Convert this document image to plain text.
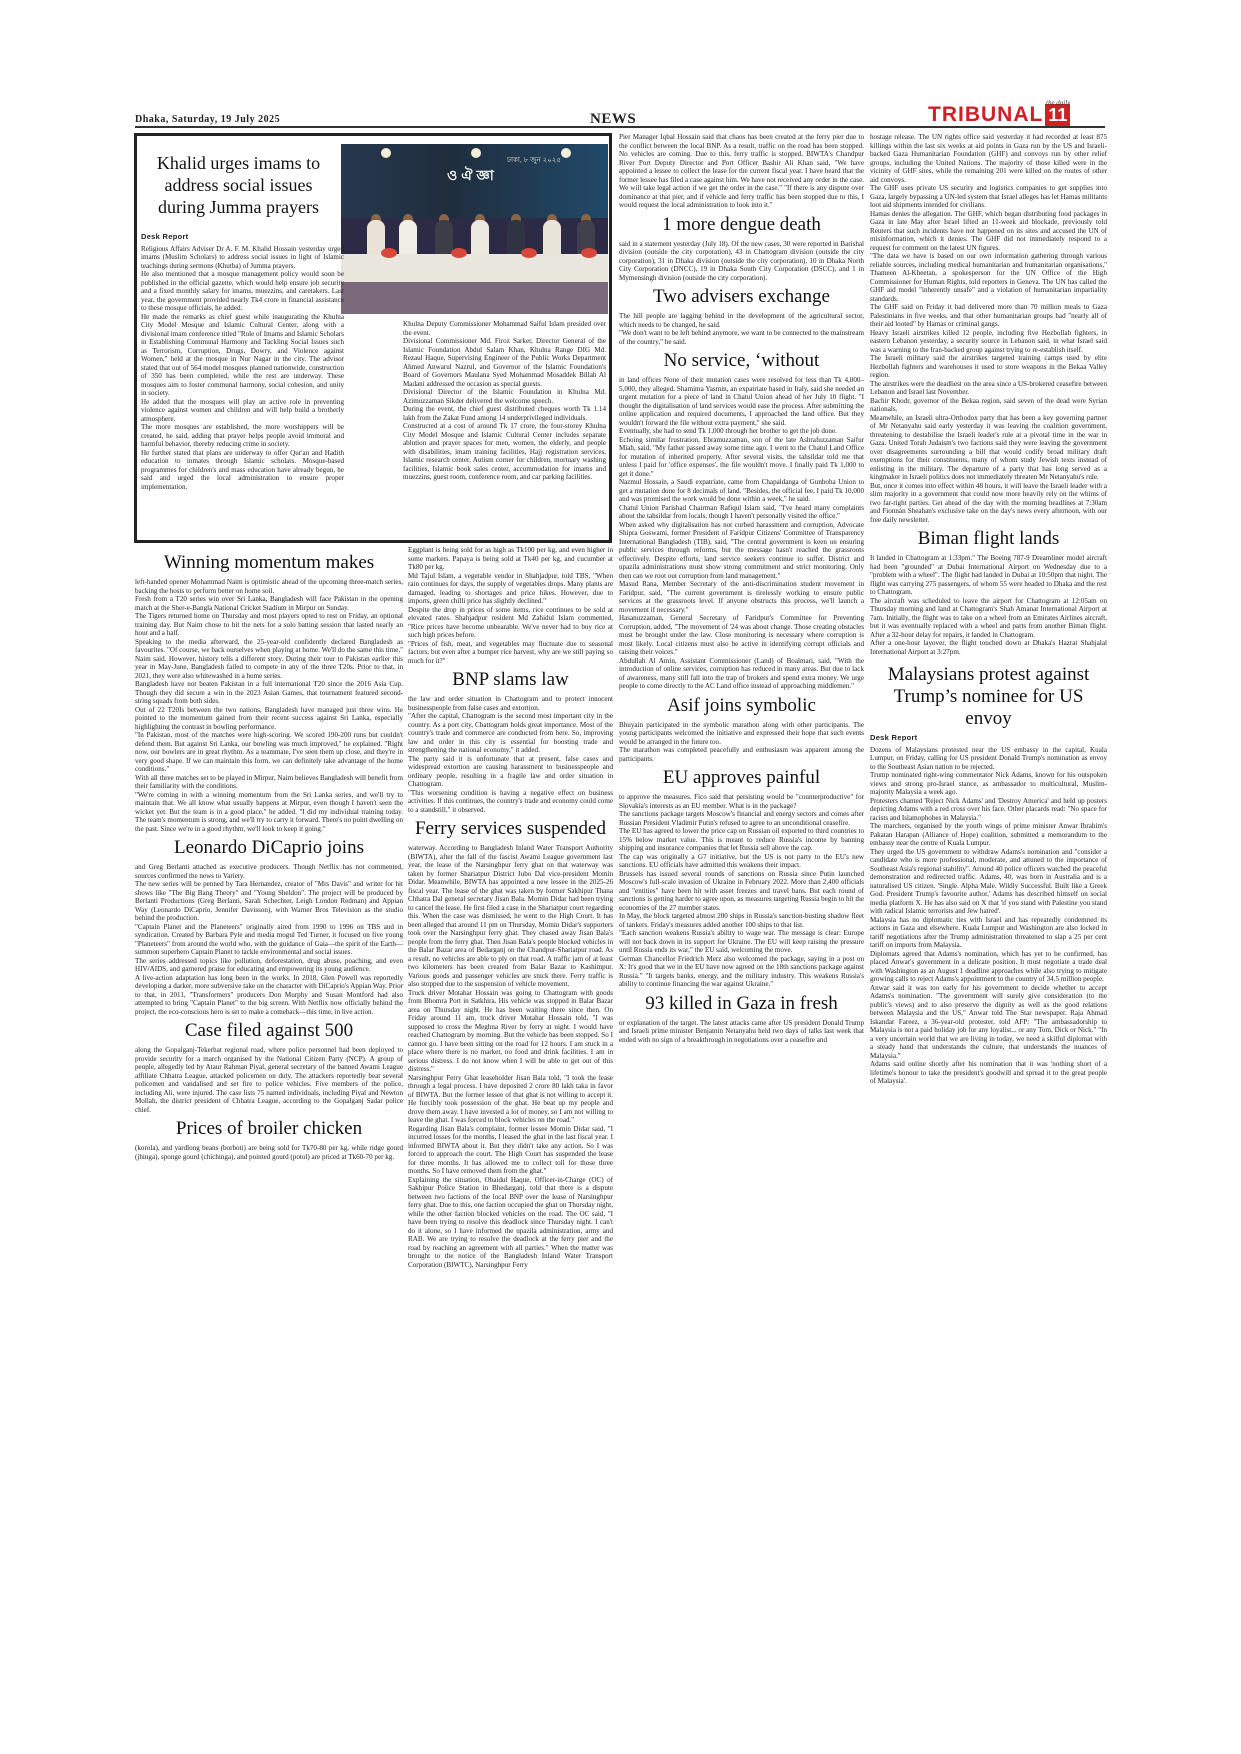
Dhaka, Saturday, 19 July 2025	NEWS
the daily
TRIBUNAL 11
ও ঐ জ্ঞা
ঢাকা, ৮ জুন ২০২৫
Khalid urges imams to address social issues during Jumma prayers
Desk Report

Religious Affairs Adviser Dr A. F. M. Khalid Hossain yesterday urged imams (Muslim Scholars) to address social issues in light of Islamic teachings during sermons (Khutba) of Jumma prayers.

He also mentioned that a mosque management policy would soon be published in the official gazette, which would help ensure job security and a fixed monthly salary for imams, muezzins, and caretakers. Last year, the government provided nearly Tk4 crore in financial assistance to these mosque officials, he added.

He made the remarks as chief guest while inaugurating the Khulna City Model Mosque and Islamic Cultural Center, along with a divisional imam conference titled "Role of Imams and Islamic Scholars in Establishing Communal Harmony and Tackling Social Issues such as Terrorism, Corruption, Drugs, Dowry, and Violence against Women," held at the mosque in Nur Nagar in the city. The advisor stated that out of 564 model mosques planned nationwide, construction of 350 has been completed, while the rest are underway. These mosques aim to foster communal harmony, social cohesion, and unity in society.

He added that the mosques will play an active role in preventing violence against women and children and will help build a brotherly atmosphere.

The more mosques are established, the more worshippers will be created, he said, adding that prayer helps people avoid immoral and harmful behavior, thereby reducing crime in society.

He further stated that plans are underway to offer Qur'an and Hadith education to inmates through Islamic scholars. Mosque-based programmes for children's and mass education have already begun, he said and urged the local administration to ensure proper implementation.

Khulna Deputy Commissioner Mohammad Saiful Islam presided over the event.

Divisional Commissioner Md. Firoz Sarker, Director General of the Islamic Foundation Abdul Salam Khan, Khulna Range DIG Md. Rezaul Haque, Supervising Engineer of the Public Works Department Ahmed Anwarul Nazrul, and Governor of the Islamic Foundation's Board of Governors Maulana Syed Mohammad Mosaddek Billah Al Madani addressed the occasion as special guests.

Divisional Director of the Islamic Foundation in Khulna Md. Azimuzzaman Sikder delivered the welcome speech.

During the event, the chief guest distributed cheques worth Tk 1.14 lakh from the Zakat Fund among 14 underprivileged individuals.

Constructed at a cost of around Tk 17 crore, the four-storey Khulna City Model Mosque and Islamic Cultural Center includes separate ablution and prayer spaces for men, women, the elderly, and people with disabilities, imam training facilities, Hajj registration services, Islamic research center, Autism corner for children, mortuary washing facilities, Islamic book sales center, accommodation for imams and muezzins, guest room, conference room, and car parking facilities.

Winning momentum makes

left-handed opener Mohammad Naim is optimistic ahead of the upcoming three-match series, backing the hosts to perform better on home soil.

Fresh from a T20 series win over Sri Lanka, Bangladesh will face Pakistan in the opening match at the Sher-e-Bangla National Cricket Stadium in Mirpur on Sunday.

The Tigers returned home on Thursday and most players opted to rest on Friday, an optional training day. But Naim chose to hit the nets for a solo batting session that lasted nearly an hour and a half.

Speaking to the media afterward, the 25-year-old confidently declared Bangladesh as favourites. "Of course, we back ourselves when playing at home. We'll do the same this time," Naim said. However, history tells a different story. During their tour to Pakistan earlier this year in May-June, Bangladesh failed to compete in any of the three T20s. Prior to that, in 2021, they were also whitewashed in a home series.

Bangladesh have not beaten Pakistan in a full international T20 since the 2016 Asia Cup. Though they did secure a win in the 2023 Asian Games, that tournament featured second-string squads from both sides.

Out of 22 T20Is between the two nations, Bangladesh have managed just three wins. He pointed to the momentum gained from their recent success against Sri Lanka, especially highlighting the contrast in bowling performance.

"In Pakistan, most of the matches were high-scoring. We scored 190-200 runs but couldn't defend them. But against Sri Lanka, our bowling was much improved," he explained. "Right now, our bowlers are in great rhythm. As a teammate, I've seen them up close, and they're in very good shape. If we can maintain this form, we can definitely take advantage of the home conditions."

With all three matches set to be played in Mirpur, Naim believes Bangladesh will benefit from their familiarity with the conditions.

"We're coming in with a winning momentum from the Sri Lanka series, and we'll try to maintain that. We all know what usually happens at Mirpur, even though I haven't seen the wicket yet. But the team is in a good place," he added. "I did my individual training today. The team's momentum is strong, and we'll try to carry it forward. There's no point dwelling on the past. Since we're in a good rhythm, we'll look to keep it going."

Leonardo DiCaprio joins

and Greg Berlanti attached as executive producers. Though Netflix has not commented, sources confirmed the news to Variety.

The new series will be penned by Tara Hernandez, creator of "Mrs Davis" and writer for hit shows like "The Big Bang Theory" and "Young Sheldon". The project will be produced by Berlanti Productions (Greg Berlanti, Sarah Schechter, Leigh London Redman) and Appian Way (Leonardo DiCaprio, Jennifer Davisson), with Warner Bros Television as the studio behind the production.

"Captain Planet and the Planeteers" originally aired from 1990 to 1996 on TBS and in syndication. Created by Barbara Pyle and media mogul Ted Turner, it focused on five young "Planeteers" from around the world who, with the guidance of Gaia—the spirit of the Earth—summon superhero Captain Planet to tackle environmental and social issues.

The series addressed topics like pollution, deforestation, drug abuse, poaching, and even HIV/AIDS, and garnered praise for educating and empowering its young audience.

A live-action adaptation has long been in the works. In 2018, Glen Powell was reportedly developing a darker, more subversive take on the character with DiCaprio's Appian Way. Prior to that, in 2011, "Transformers" producers Don Murphy and Susan Montford had also attempted to bring "Captain Planet" to the big screen. With Netflix now officially behind the project, the eco-conscious hero is set to make a comeback—this time, in live action.

Case filed against 500

along the Gopalganj-Tekerhat regional road, where police personnel had been deployed to provide security for a march organised by the National Citizen Party (NCP). A group of people, allegedly led by Ataur Rahman Piyal, general secretary of the banned Awami League affiliate Chhatra League, attacked policemen on duty. The attackers reportedly beat several policemen and vandalised and set fire to police vehicles. Five members of the police, including Ali, were injured. The case lists 75 named individuals, including Piyal and Newton Mollah, the district president of Chhatra League, according to the Gopalganj Sadar police chief.

Prices of broiler chicken

(korola), and yardlong beans (borboti) are being sold for Tk70-80 per kg, while ridge gourd (jhinga), sponge gourd (chichinga), and pointed gourd (potol) are priced at Tk60-70 per kg.

Eggplant is being sold for as high as Tk100 per kg, and even higher in some markets. Papaya is being sold at Tk40 per kg, and cucumber at Tk80 per kg.

Md Tajul Islam, a vegetable vendor in Shahjadpur, told TBS, "When rain continues for days, the supply of vegetables drops. Many plants are damaged, leading to shortages and price hikes. However, due to imports, green chilli price has slightly declined."

Despite the drop in prices of some items, rice continues to be sold at elevated rates. Shahjadpur resident Md Zahidul Islam commented, "Rice prices have become unbearable. We've never had to buy rice at such high prices before.

"Prices of fish, meat, and vegetables may fluctuate due to seasonal factors, but even after a bumper rice harvest, why are we still paying so much for it?"

BNP slams law

the law and order situation in Chattogram and to protect innocent businesspeople from false cases and extortion.

"After the capital, Chattogram is the second most important city in the country. As a port city, Chattogram holds great importance. Most of the country's trade and commerce are conducted from here. So, improving law and order in this city is essential for boosting trade and strengthening the national economy," it added.

The party said it is unfortunate that at present, false cases and widespread extortion are causing harassment to businesspeople and ordinary people, resulting in a fragile law and order situation in Chattogram.

"This worsening condition is having a negative effect on business activities. If this continues, the country's trade and economy could come to a standstill," it observed.

Ferry services suspended

waterway. According to Bangladesh Inland Water Transport Authority (BIWTA), after the fall of the fascist Awami League government last year, the lease of the Narsinghpur ferry ghat on that waterway was taken by former Shariatpur District Jubo Dal vice-president Momin Didar. Meanwhile, BIWTA has appointed a new lessee in the 2025-26 fiscal year. The lease of the ghat was taken by former Sakhipur Thana Chhatra Dal general secretary Jisan Bala. Momin Didar had been trying to cancel the lease. He first filed a case in the Shariatpur court regarding this. When the case was dismissed, he went to the High Court. It has been alleged that around 11 pm on Thursday, Momin Didar's supporters took over the Narsinghpur ferry ghat. They chased away Jisan Bala's people from the ferry ghat. Then Jisan Bala's people blocked vehicles in the Balar Bazar area of Bedarganj on the Chandpur-Shariatpur road. As a result, no vehicles are able to ply on that road. A traffic jam of at least two kilometers has been created from Balar Bazar to Kashimpur. Various goods and passenger vehicles are stuck there. Ferry traffic is also stopped due to the suspension of vehicle movement.

Truck driver Motahar Hossain was going to Chattogram with goods from Bhomra Port in Satkhira. His vehicle was stopped in Balar Bazar area on Thursday night. He has been waiting there since then. On Friday around 11 am, truck driver Motahar Hossain told, "I was supposed to cross the Meghna River by ferry at night. I would have reached Chattogram by morning. But the vehicle has been stopped. So I cannot go. I have been sitting on the road for 12 hours. I am stuck in a place where there is no market, no food and drink facilities. I am in serious distress. I do not know when I will be able to get out of this distress."

Narsinghpur Ferry Ghat leaseholder Jisan Bala told, "I took the lease through a legal process. I have deposited 2 crore 80 lakh taka in favor of BIWTA. But the former lessee of that ghat is not willing to accept it. He forcibly took possession of the ghat. He beat up my people and drove them away. I have invested a lot of money, so I am not willing to leave the ghat. I was forced to block vehicles on the road."

Regarding Jisan Bala's complaint, former lessee Momin Didar said, "I incurred losses for the months, I leased the ghat in the last fiscal year. I informed BIWTA about it. But they didn't take any action. So I was forced to approach the court. The High Court has suspended the lease for three months. It has allowed me to collect toll for those three months. So I have removed them from the ghat."

Explaining the situation, Obaidul Haque, Officer-in-Charge (OC) of Sakhipur Police Station in Bhedarganj, told that there is a dispute between two factions of the local BNP over the lease of Narsinghpur ferry ghat. Due to this, one faction occupied the ghat on Thursday night, while the other faction blocked vehicles on the road. The OC said, "I have been trying to resolve this deadlock since Thursday night. I can't do it alone, so I have informed the upazila administration, army and RAB. We are trying to resolve the deadlock at the ferry pier and the road by reaching an agreement with all parties." When the matter was brought to the notice of the Bangladesh Inland Water Transport Corporation (BIWTC), Narsinghpur Ferry

Pier Manager Iqbal Hossain said that chaos has been created at the ferry pier due to the conflict between the local BNP. As a result, traffic on the road has been stopped. No vehicles are coming. Due to this, ferry traffic is stopped. BIWTA's Chandpur River Port Deputy Director and Port Officer Bashir Ali Khan said, "We have appointed a lessee to collect the lease for the current fiscal year. I have heard that the former lessee has filed a case against him. We have not received any order in the case. We will take legal action if we get the order in the case." "If there is any dispute over dominance at that pier, and if vehicle and ferry traffic has been stopped due to this, I would request the local administration to look into it."

1 more dengue death

said in a statement yesterday (July 18). Of the new cases, 30 were reported in Barishal division (outside the city corporation), 43 in Chattogram division (outside the city corporation), 31 in Dhaka division (outside the city corporation), 10 in Dhaka North City Corporation (DNCC), 19 in Dhaka South City Corporation (DSCC), and 1 in Mymensingh division (outside the city corporation).

Two advisers exchange

The hill people are lagging behind in the development of the agricultural sector, which needs to be changed, he said.

"We don't want to be left behind anymore, we want to be connected to the mainstream of the country," he said.

No service, ‘without

in land offices None of their mutation cases were resolved for less than Tk 4,000–5,000, they alleged. Shamima Yasmin, an expatriate based in Italy, said she needed an urgent mutation for a piece of land in Chatul Union ahead of her July 10 flight. "I thought the digitalisation of land services would ease the process. After submitting the online application and required documents, I approached the land office. But they wouldn't forward the file without extra payment," she said.

Eventually, she had to send Tk 1,000 through her brother to get the job done.

Echoing similar frustration, Ebramuzzaman, son of the late Ashrafuzzaman Saifur Miah, said, "My father passed away some time ago. I went to the Chatul Land Office for mutation of inherited property. After several visits, the tahsildar told me that unless I paid for 'office expenses', the file wouldn't move. I finally paid Tk 1,000 to get it done."

Nazmul Hossain, a Saudi expatriate, came from Chapaldanga of Gunboha Union to get a mutation done for 8 decimals of land. "Besides, the official fee, I paid Tk 10,000 and was promised the work would be done within a week," he said.

Chatul Union Parishad Chairman Rafiqul Islam said, "I've heard many complaints about the tahsildar from locals, though I haven't personally visited the office."

When asked why digitalisation has not curbed harassment and corruption, Advocate Shipra Goswami, former President of Faridpur Citizens' Committee of Transparency International Bangladesh (TIB), said, "The central government is keen on ensuring public services through reforms, but the message hasn't reached the grassroots effectively. Despite efforts, land service seekers continue to suffer. District and upazila administrations must show strong commitment and strict monitoring. Only then can we root out corruption from land management."

Masud Rana, Member Secretary of the anti-discrimination student movement in Faridpur, said, "The current government is tirelessly working to ensure public services at the grassroots level. If anyone obstructs this process, we'll launch a movement if necessary."

Hasanuzzaman, General Secretary of Faridpur's Committee for Preventing Corruption, added, "The movement of '24 was about change. Those creating obstacles must be brought under the law. Close monitoring is necessary where corruption is most likely. Local citizens must also be active in identifying corrupt officials and raising their voices."

Abdullah Al Amin, Assistant Commissioner (Land) of Boalmari, said, "With the introduction of online services, corruption has reduced in many areas. But due to lack of awareness, many still fall into the trap of brokers and spend extra money. We urge people to come directly to the AC Land office instead of approaching middlemen."

Asif joins symbolic

Bhuyain participated in the symbolic marathon along with other participants. The young participants welcomed the initiative and expressed their hope that such events would be arranged in the future too.

The marathon was completed peacefully and enthusiasm was apparent among the participants.

EU approves painful

to approve the measures. Fico said that persisting would be "counterproductive" for Slovakia's interests as an EU member. What is in the package?

The sanctions package targets Moscow's financial and energy sectors and comes after Russian President Vladimir Putin's refused to agree to an unconditional ceasefire.

The EU has agreed to lower the price cap on Russian oil exported to third countries to 15% below market value. This is meant to reduce Russia's income by banning shipping and insurance companies that let Russia sell above the cap.

The cap was originally a G7 initiative, but the US is not party to the EU's new sanctions. EU officials have admitted this weakens their impact.

Brussels has issued several rounds of sanctions on Russia since Putin launched Moscow's full-scale invasion of Ukraine in February 2022. More than 2,400 officials and "entities" have been hit with asset freezes and travel bans. But each round of sanctions is getting harder to agree upon, as measures targeting Russia begin to hit the economies of the 27 member states.

In May, the block targeted almost 200 ships in Russia's sanction-busting shadow fleet of tankers. Friday's measures added another 100 ships to that list.

"Each sanction weakens Russia's ability to wage war. The message is clear: Europe will not back down in its support for Ukraine. The EU will keep raising the pressure until Russia ends its war," the EU said, welcoming the move.

German Chancellor Friedrich Merz also welcomed the package, saying in a post on X: It's good that we in the EU have now agreed on the 18th sanctions package against Russia." "It targets banks, energy, and the military industry. This weakens Russia's ability to continue financing the war against Ukraine."

93 killed in Gaza in fresh

or explanation of the target. The latest attacks came after US president Donald Trump and Israeli prime minister Benjamin Netanyahu held two days of talks last week that ended with no sign of a breakthrough in negotiations over a ceasefire and

hostage release. The UN rights office said yesterday it had recorded at least 875 killings within the last six weeks at aid points in Gaza run by the US and Israeli-backed Gaza Humanitarian Foundation (GHF) and convoys run by other relief groups, including the United Nations. The majority of those killed were in the vicinity of GHF sites, while the remaining 201 were killed on the routes of other aid convoys.

The GHF uses private US security and logistics companies to get supplies into Gaza, largely bypassing a UN-led system that Israel alleges has let Hamas militants loot aid shipments intended for civilians.

Hamas denies the allegation. The GHF, which began distributing food packages in Gaza in late May after Israel lifted an 11-week aid blockade, previously told Reuters that such incidents have not happened on its sites and accused the UN of misinformation, which it denies. The GHF did not immediately respond to a request for comment on the latest UN figures.

"The data we have is based on our own information gathering through various reliable sources, including medical humanitarian and humanitarian organisations," Thameen Al-Kheetan, a spokesperson for the UN Office of the High Commissioner for Human Rights, told reporters in Geneva. The UN has called the GHF aid model "inherently unsafe" and a violation of humanitarian impartiality standards.

The GHF said on Friday it had delivered more than 70 million meals to Gaza Palestinians in five weeks, and that other humanitarian groups had "nearly all of their aid looted" by Hamas or criminal gangs.

Heavy Israeli airstrikes killed 12 people, including five Hezbollah fighters, in eastern Lebanon yesterday, a security source in Lebanon said, in what Israel said was a warning to the Iran-backed group against trying to re-establish itself.

The Israeli military said the airstrikes targeted training camps used by elite Hezbollah fighters and warehouses it used to store weapons in the Bekaa Valley region.

The airstrikes were the deadliest on the area since a US-brokered ceasefire between Lebanon and Israel last November.

Bachir Khodr, governor of the Bekaa region, said seven of the dead were Syrian nationals.

Meanwhile, an Israeli ultra-Orthodox party that has been a key governing partner of Mr Netanyahu said early yesterday it was leaving the coalition government, threatening to destabilise the Israeli leader's rule at a pivotal time in the war in Gaza. United Torah Judaism's two factions said they were leaving the government over disagreements surrounding a bill that would codify broad military draft exemptions for their constituents, many of whom study Jewish texts instead of enlisting in the military. The departure of a party that has long served as a kingmaker in Israeli politics does not immediately threaten Mr Netanyahu's rule.

But, once it comes into effect within 48 hours, it will leave the Israeli leader with a slim majority in a government that could now more heavily rely on the whims of two far-right parties. Get ahead of the day with the morning headlines at 7:30am and Fionnán Sheahan's exclusive take on the day's news every afternoon, with our free daily newsletter.

Biman flight lands

It landed in Chattogram at 1:33pm." The Boeing 787-9 Dreamliner model aircraft had been "grounded" at Dubai International Airport on Wednesday due to a "problem with a wheel". The flight had landed in Dubai at 10:50pm that night. The flight was carrying 275 passengers, of whom 55 were headed to Dhaka and the rest to Chattogram.

The aircraft was scheduled to leave the airport for Chattogram at 12:05am on Thursday morning and land at Chattogram's Shah Amanat International Airport at 7am. Initially, the flight was to take on a wheel from an Emirates Airlines aircraft, but it was eventually replaced with a wheel and parts from another Biman flight. After a 32-hour delay for repairs, it landed in Chattogram.

After a one-hour layover, the flight touched down at Dhaka's Hazrat Shahjalal International Airport at 3:27pm.

Malaysians protest against Trump’s nominee for US envoy
Desk Report

Dozens of Malaysians protested near the US embassy in the capital, Kuala Lumpur, on Friday, calling for US president Donald Trump's nomination as envoy to the Southeast Asian nation to be rejected.

Trump nominated right-wing commentator Nick Adams, known for his outspoken views and strong pro-Israel stance, as ambassador to multicultural, Muslim-majority Malaysia a week ago.

Protesters chanted 'Reject Nick Adams' and 'Destroy America' and held up posters depicting Adams with a red cross over his face. Other placards read: "No space for racists and Islamophobes in Malaysia."

The marchers, organised by the youth wings of prime minister Anwar Ibrahim's Pakatan Harapan (Alliance of Hope) coalition, submitted a memorandum to the embassy near the centre of Kuala Lumpur.

They urged the US government to withdraw Adams's nomination and "consider a candidate who is more professional, moderate, and attuned to the importance of Southeast Asia's regional stability". Around 40 police officers watched the peaceful demonstration and redirected traffic. Adams, 40, was born in Australia and is a naturalised US citizen. 'Single. Alpha Male. Wildly Successful. Built like a Greek God. President Trump's favourite author,' Adams has described himself on social media platform X. He has also said on X that 'if you stand with Palestine you stand with radical Islamic terrorists and Jew hatred'.

Malaysia has no diplomatic ties with Israel and has repeatedly condemned its actions in Gaza and elsewhere. Kuala Lumpur and Washington are also locked in tariff negotiations after the Trump administration threatened to slap a 25 per cent tariff on imports from Malaysia.

Diplomats agreed that Adams's nomination, which has yet to be confirmed, has placed Anwar's government in a delicate position. It must negotiate a trade deal with Washington as an August 1 deadline approaches while also trying to mitigate growing calls to reject Adams's appointment to the country of 34.5 million people.

Anwar said it was too early for his government to decide whether to accept Adams's nomination. "The government will surely give consideration (to the public's views) and to also preserve the dignity as well as the good relations between Malaysia and the US," Anwar told The Star newspaper. Raja Ahmad Iskandar Fareez, a 36-year-old protester, told AFP: "The ambassadorship to Malaysia is not a paid holiday job for any loyalist... or any Tom, Dick or Nick." "In a very uncertain world that we are living in today, we need a skilful diplomat with a steady hand that understands the culture, that understands the nuances of Malaysia."

Adams said online shortly after his nomination that it was 'nothing short of a lifetime's honour to take the president's goodwill and spread it to the great people of Malaysia'.
